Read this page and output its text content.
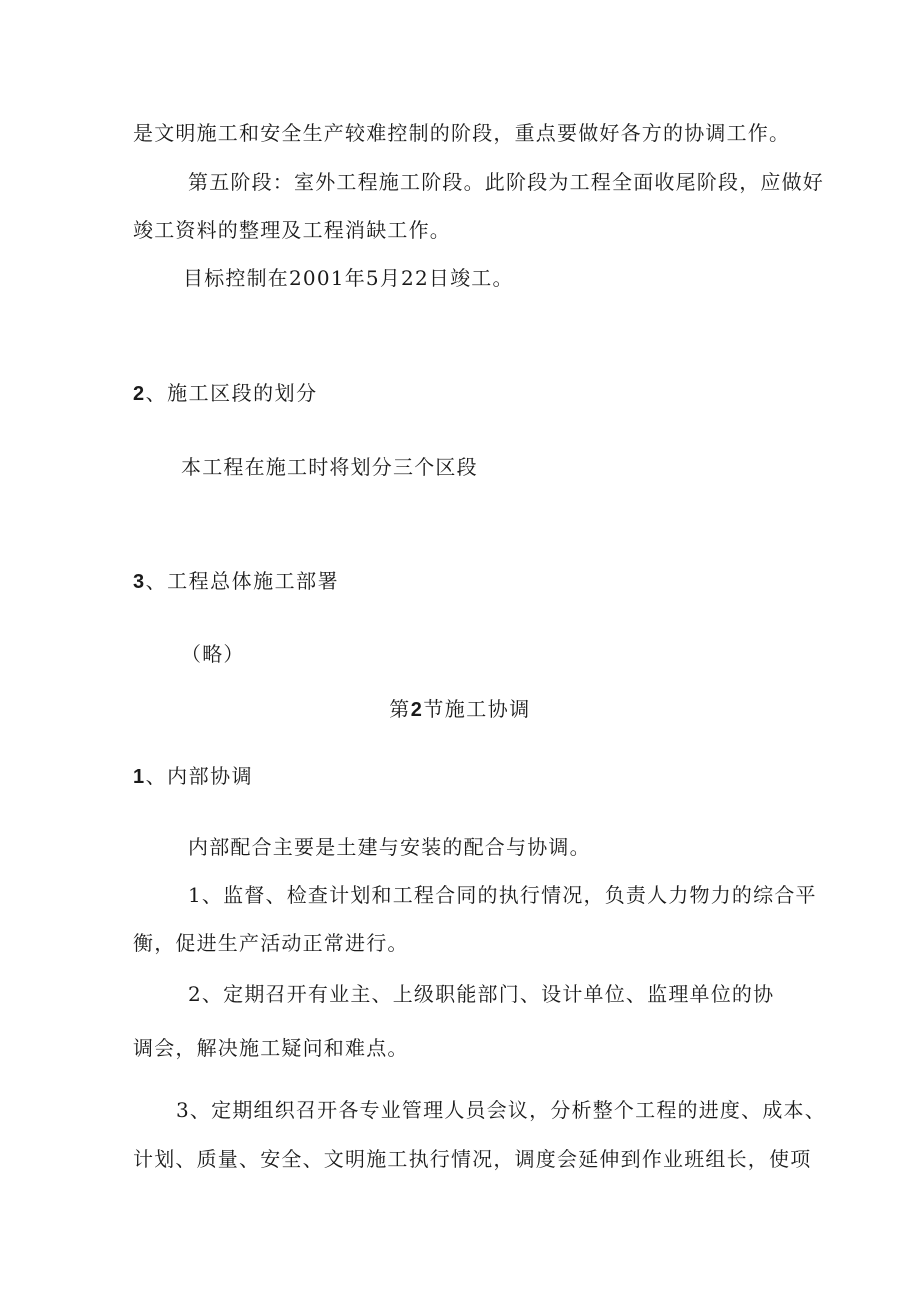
是文明施工和安全生产较难控制的阶段，重点要做好各方的协调工作。
第五阶段：室外工程施工阶段。此阶段为工程全面收尾阶段，应做好
竣工资料的整理及工程消缺工作。
目标控制在2001年5月22日竣工。
2、施工区段的划分
本工程在施工时将划分三个区段
3、工程总体施工部署
（略）
第2节施工协调
1、内部协调
内部配合主要是土建与安装的配合与协调。
1、监督、检查计划和工程合同的执行情况，负责人力物力的综合平
衡，促进生产活动正常进行。
2、定期召开有业主、上级职能部门、设计单位、监理单位的协
调会，解决施工疑问和难点。
3、定期组织召开各专业管理人员会议，分析整个工程的进度、成本、
计划、质量、安全、文明施工执行情况，调度会延伸到作业班组长，使项
